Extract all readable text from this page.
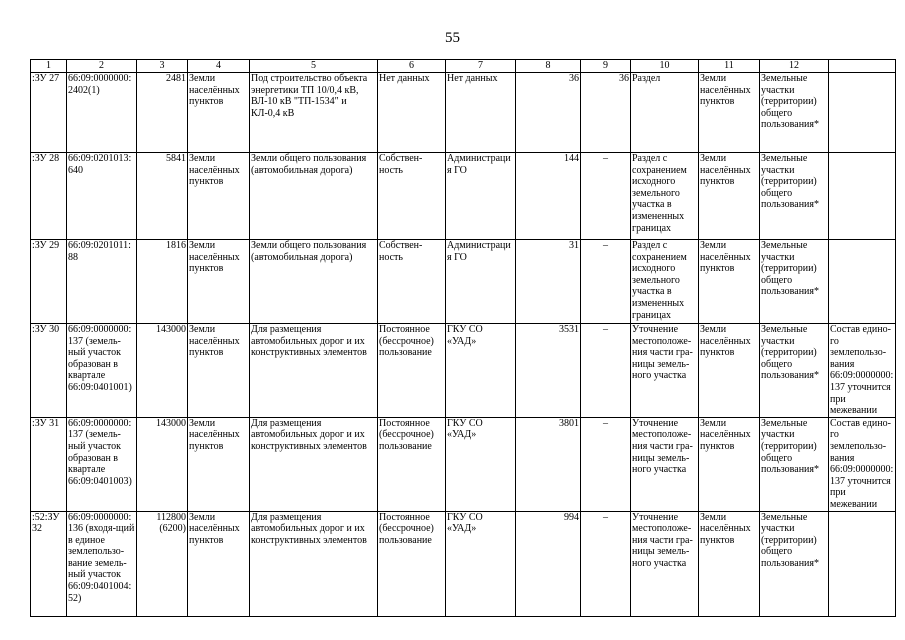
55
1	2	3	4	5	6	7	8	9	10	11	12	
:ЗУ 27	66:09:0000000:2402(1)	2481	Земли населённых пунктов	Под строительство объекта энергетики ТП 10/0,4 кВ, ВЛ-10 кВ "ТП-1534" и КЛ-0,4 кВ	Нет данных	Нет данных	36	36	Раздел	Земли населённых пунктов	Земельные участки (территории) общего пользования*	
:ЗУ 28	66:09:0201013:640	5841	Земли населённых пунктов	Земли общего пользования (автомобильная дорога)	Собствен-ность	Администрация ГО	144	–	Раздел с сохранением исходного земельного участка в измененных границах	Земли населённых пунктов	Земельные участки (территории) общего пользования*	
:ЗУ 29	66:09:0201011:88	1816	Земли населённых пунктов	Земли общего пользования (автомобильная дорога)	Собствен-ность	Администрация ГО	31	–	Раздел с сохранением исходного земельного участка в измененных границах	Земли населённых пунктов	Земельные участки (территории) общего пользования*	
:ЗУ 30	66:09:0000000:137 (земель-ный участок образован в квартале 66:09:0401001)	143000	Земли населённых пунктов	Для размещения автомобильных дорог и их конструктивных элементов	Постоянное (бессрочное) пользование	ГКУ СО «УАД»	3531	–	Уточнение местоположе-ния части гра-ницы земель-ного участка	Земли населённых пунктов	Земельные участки (территории) общего пользования*	Состав едино-го землепользо-вания 66:09:0000000:137 уточнится при межевании
:ЗУ 31	66:09:0000000:137 (земель-ный участок образован в квартале 66:09:0401003)	143000	Земли населённых пунктов	Для размещения автомобильных дорог и их конструктивных элементов	Постоянное (бессрочное) пользование	ГКУ СО «УАД»	3801	–	Уточнение местоположе-ния части гра-ницы земель-ного участка	Земли населённых пунктов	Земельные участки (территории) общего пользования*	Состав едино-го землепользо-вания 66:09:0000000:137 уточнится при межевании
:52:ЗУ 32	66:09:0000000:136 (входя-щий в единое землепользо-вание земель-ный участок 66:09:0401004:52)	112800 (6200)	Земли населённых пунктов	Для размещения автомобильных дорог и их конструктивных элементов	Постоянное (бессрочное) пользование	ГКУ СО «УАД»	994	–	Уточнение местоположе-ния части гра-ницы земель-ного участка	Земли населённых пунктов	Земельные участки (территории) общего пользования*	
